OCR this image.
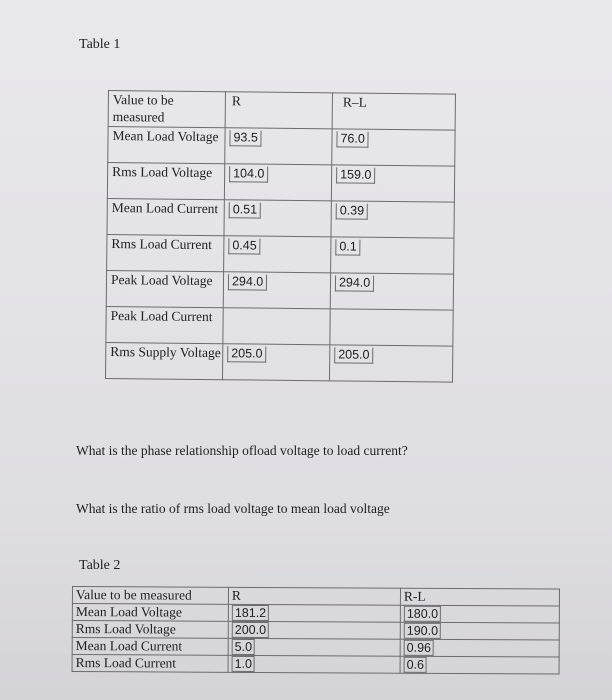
Table 1
Value to be measured	R	R–L
Mean Load Voltage	93.5	76.0
Rms Load Voltage	104.0	159.0
Mean Load Current	0.51	0.39
Rms Load Current	0.45	0.1
Peak Load Voltage	294.0	294.0
Peak Load Current		
Rms Supply Voltage	205.0	205.0
What is the phase relationship ofload voltage to load current?
What is the ratio of rms load voltage to mean load voltage
Table 2
Value to be measured	R	R-L
Mean Load Voltage	181.2	180.0
Rms Load Voltage	200.0	190.0
Mean Load Current	5.0	0.96
Rms Load Current	1.0	0.6
